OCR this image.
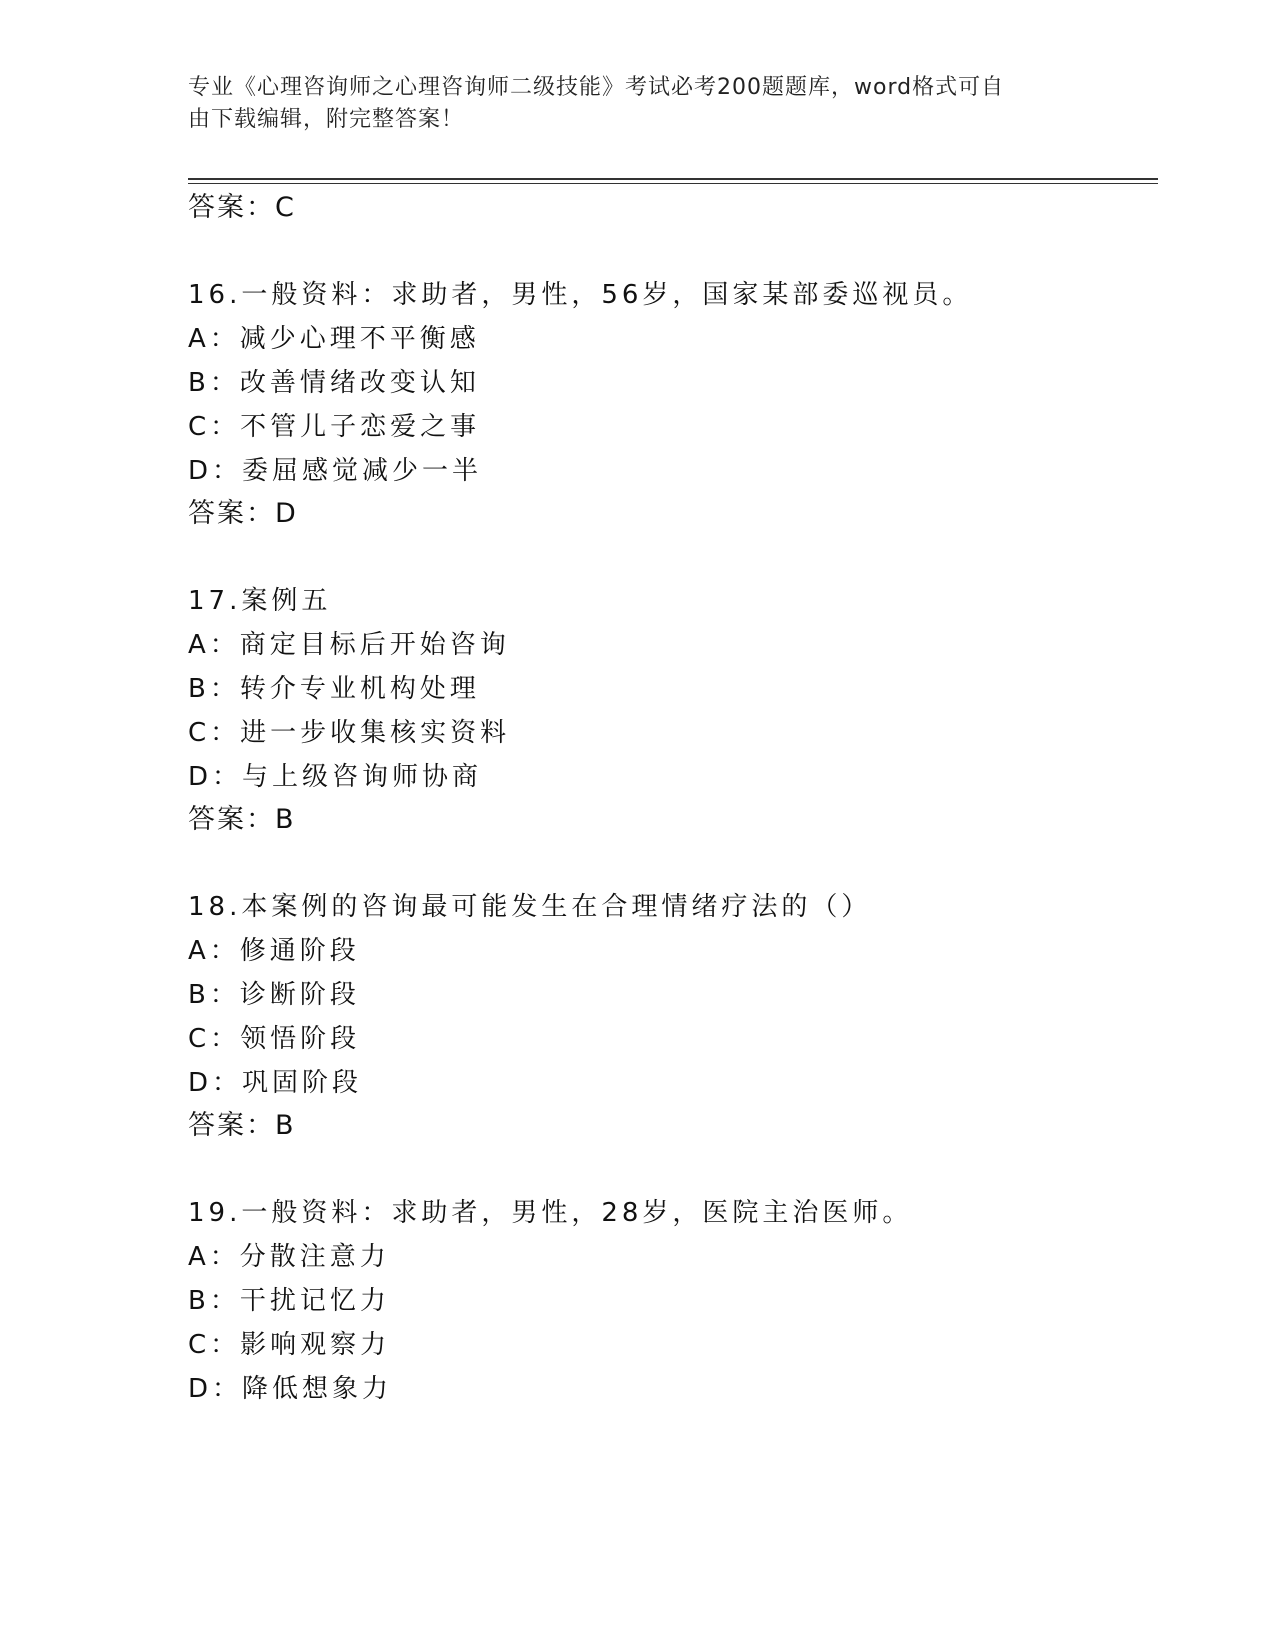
专业《心理咨询师之心理咨询师二级技能》考试必考200题题库，word格式可自
由下载编辑，附完整答案！
答案：C
16.一般资料：求助者，男性，56岁，国家某部委巡视员。
A：减少心理不平衡感
B：改善情绪改变认知
C：不管儿子恋爱之事
D：委屈感觉减少一半
答案：D
17.案例五
A：商定目标后开始咨询
B：转介专业机构处理
C：进一步收集核实资料
D：与上级咨询师协商
答案：B
18.本案例的咨询最可能发生在合理情绪疗法的（）
A：修通阶段
B：诊断阶段
C：领悟阶段
D：巩固阶段
答案：B
19.一般资料：求助者，男性，28岁，医院主治医师。
A：分散注意力
B：干扰记忆力
C：影响观察力
D：降低想象力
